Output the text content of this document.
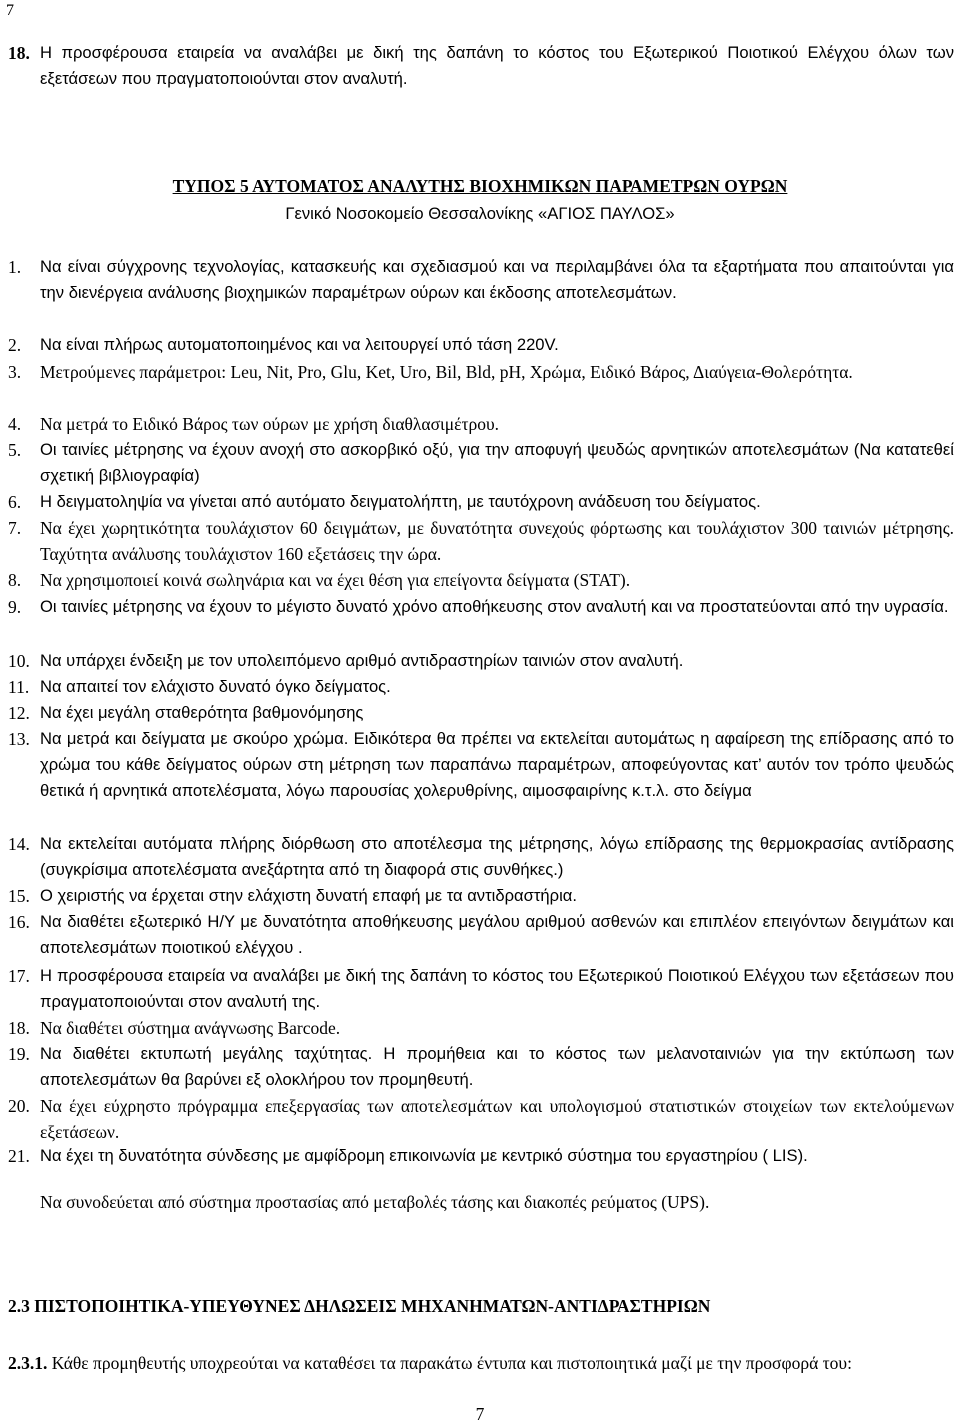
7
18. Η προσφέρουσα εταιρεία να αναλάβει με δική της δαπάνη το κόστος του Εξωτερικού Ποιοτικού Ελέγχου όλων των εξετάσεων που πραγματοποιούνται στον αναλυτή.
ΤΥΠΟΣ 5 ΑΥΤΟΜΑΤΟΣ ΑΝΑΛΥΤΗΣ ΒΙΟΧΗΜΙΚΩΝ ΠΑΡΑΜΕΤΡΩΝ ΟΥΡΩΝ
Γενικό Νοσοκομείο Θεσσαλονίκης «ΑΓΙΟΣ ΠΑΥΛΟΣ»
1.	Να είναι σύγχρονης τεχνολογίας, κατασκευής και σχεδιασμού και να περιλαμβάνει όλα τα εξαρτήματα που απαιτούνται για την διενέργεια ανάλυσης βιοχημικών παραμέτρων ούρων και έκδοσης αποτελεσμάτων.
2.	Να είναι πλήρως αυτοματοποιημένος και να λειτουργεί υπό τάση 220V.
3.	Μετρούμενες παράμετροι: Leu, Nit, Pro, Glu, Ket, Uro, Bil, Bld, pH, Χρώμα, Ειδικό Βάρος, Διαύγεια-Θολερότητα.
4.	Να μετρά το Ειδικό Βάρος των ούρων με χρήση διαθλασιμέτρου.
5.	Οι ταινίες μέτρησης να έχουν ανοχή στο ασκορβικό οξύ, για την αποφυγή ψευδώς αρνητικών αποτελεσμάτων (Να κατατεθεί σχετική βιβλιογραφία)
6.	Η δειγματοληψία να γίνεται από αυτόματο δειγματολήπτη, με ταυτόχρονη ανάδευση του δείγματος.
7.	Να έχει χωρητικότητα τουλάχιστον 60 δειγμάτων, με δυνατότητα συνεχούς φόρτωσης και τουλάχιστον 300 ταινιών μέτρησης. Ταχύτητα ανάλυσης τουλάχιστον 160 εξετάσεις την ώρα.
8.	Να χρησιμοποιεί κοινά σωληνάρια και να έχει θέση για επείγοντα δείγματα (STAT).
9.	Οι ταινίες μέτρησης να έχουν το μέγιστο δυνατό χρόνο αποθήκευσης στον αναλυτή και να προστατεύονται από την υγρασία.
10. Να υπάρχει ένδειξη με τον υπολειπόμενο αριθμό αντιδραστηρίων ταινιών στον αναλυτή.
11. Να απαιτεί τον ελάχιστο δυνατό όγκο δείγματος.
12. Να έχει μεγάλη σταθερότητα βαθμονόμησης
13. Να μετρά και δείγματα με σκούρο χρώμα. Ειδικότερα θα πρέπει να εκτελείται αυτομάτως η αφαίρεση της επίδρασης από το χρώμα του κάθε δείγματος ούρων στη μέτρηση των παραπάνω παραμέτρων, αποφεύγοντας κατ’ αυτόν τον τρόπο ψευδώς θετικά ή αρνητικά αποτελέσματα, λόγω παρουσίας χολερυθρίνης, αιμοσφαιρίνης κ.τ.λ. στο δείγμα
14. Να εκτελείται αυτόματα πλήρης διόρθωση στο αποτέλεσμα της μέτρησης, λόγω επίδρασης της θερμοκρασίας αντίδρασης (συγκρίσιμα αποτελέσματα ανεξάρτητα από τη διαφορά στις συνθήκες.)
15. Ο χειριστής να έρχεται στην ελάχιστη δυνατή επαφή με τα αντιδραστήρια.
16. Να διαθέτει εξωτερικό Η/Υ με δυνατότητα αποθήκευσης μεγάλου αριθμού ασθενών και επιπλέον επειγόντων δειγμάτων και αποτελεσμάτων ποιοτικού ελέγχου .
17. Η προσφέρουσα εταιρεία να αναλάβει με δική της δαπάνη το κόστος του Εξωτερικού Ποιοτικού Ελέγχου των εξετάσεων που πραγματοποιούνται στον αναλυτή της.
18. Να διαθέτει σύστημα ανάγνωσης Barcode.
19. Να διαθέτει εκτυπωτή μεγάλης ταχύτητας. Η προμήθεια και το κόστος των μελανοταινιών για την εκτύπωση των αποτελεσμάτων θα βαρύνει εξ ολοκλήρου τον προμηθευτή.
20. Να έχει εύχρηστο πρόγραμμα επεξεργασίας των αποτελεσμάτων και υπολογισμού στατιστικών στοιχείων των εκτελούμενων εξετάσεων.
21. Να έχει τη δυνατότητα σύνδεσης με αμφίδρομη επικοινωνία με κεντρικό σύστημα του εργαστηρίου ( LIS).
Να συνοδεύεται από σύστημα προστασίας από μεταβολές τάσης και διακοπές ρεύματος (UPS).
2.3 ΠΙΣΤΟΠΟΙΗΤΙΚΑ-ΥΠΕΥΘΥΝΕΣ ΔΗΛΩΣΕΙΣ ΜΗΧΑΝΗΜΑΤΩΝ-ΑΝΤΙΔΡΑΣΤΗΡΙΩΝ
2.3.1. Κάθε προμηθευτής υποχρεούται να καταθέσει τα παρακάτω έντυπα και πιστοποιητικά μαζί με την προσφορά του:
7
